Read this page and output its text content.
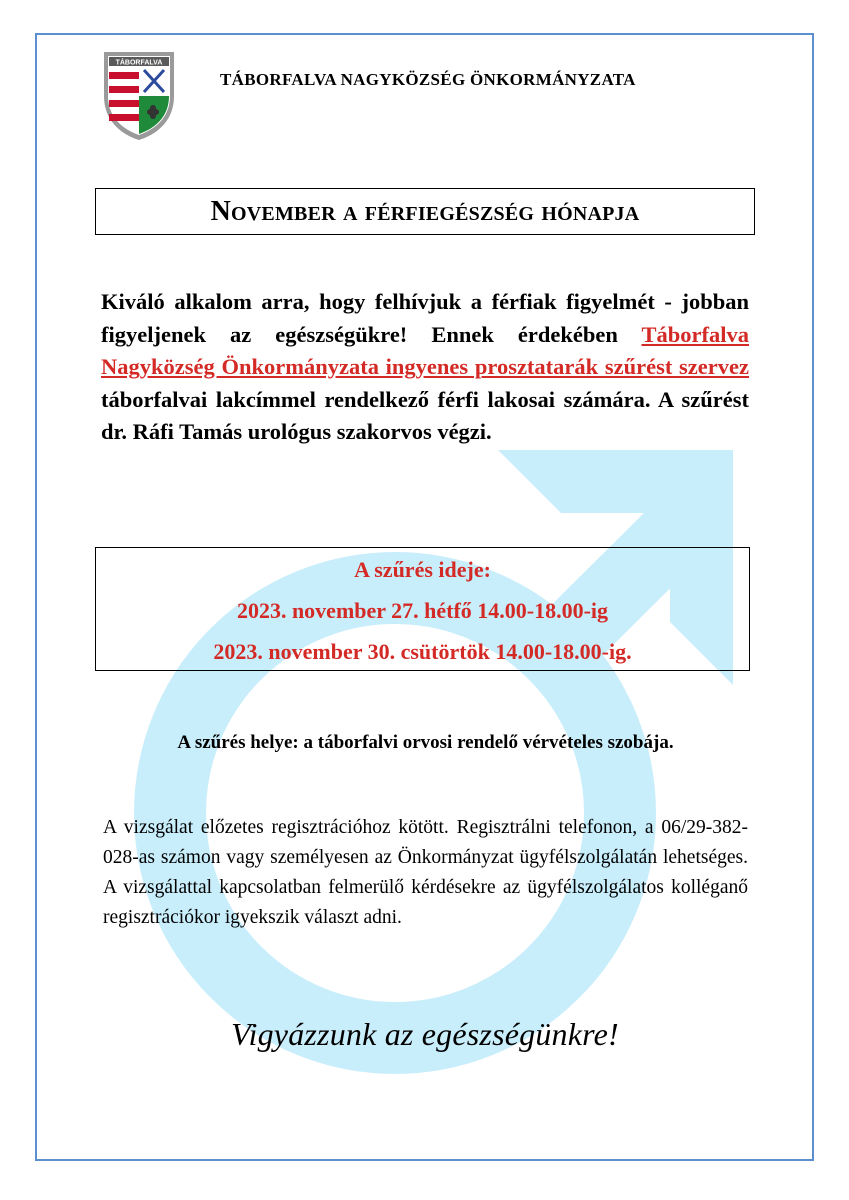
TÁBORFALVA
TÁBORFALVA NAGYKÖZSÉG ÖNKORMÁNYZATA
November a férfiegészség hónapja
Kiváló alkalom arra, hogy felhívjuk a férfiak figyelmét - jobban figyeljenek az egészségükre! Ennek érdekében Táborfalva Nagyközség Önkormányzata ingyenes prosztatarák szűrést szervez táborfalvai lakcímmel rendelkező férfi lakosai számára. A szűrést dr. Ráfi Tamás urológus szakorvos végzi.
A szűrés ideje:
2023. november 27. hétfő 14.00-18.00-ig
2023. november 30. csütörtök 14.00-18.00-ig.
A szűrés helye: a táborfalvi orvosi rendelő vérvételes szobája.
A vizsgálat előzetes regisztrációhoz kötött. Regisztrálni telefonon, a 06/29-382-028-as számon vagy személyesen az Önkormányzat ügyfélszolgálatán lehetséges. A vizsgálattal kapcsolatban felmerülő kérdésekre az ügyfélszolgálatos kolléganő regisztrációkor igyekszik választ adni.
Vigyázzunk az egészségünkre!
